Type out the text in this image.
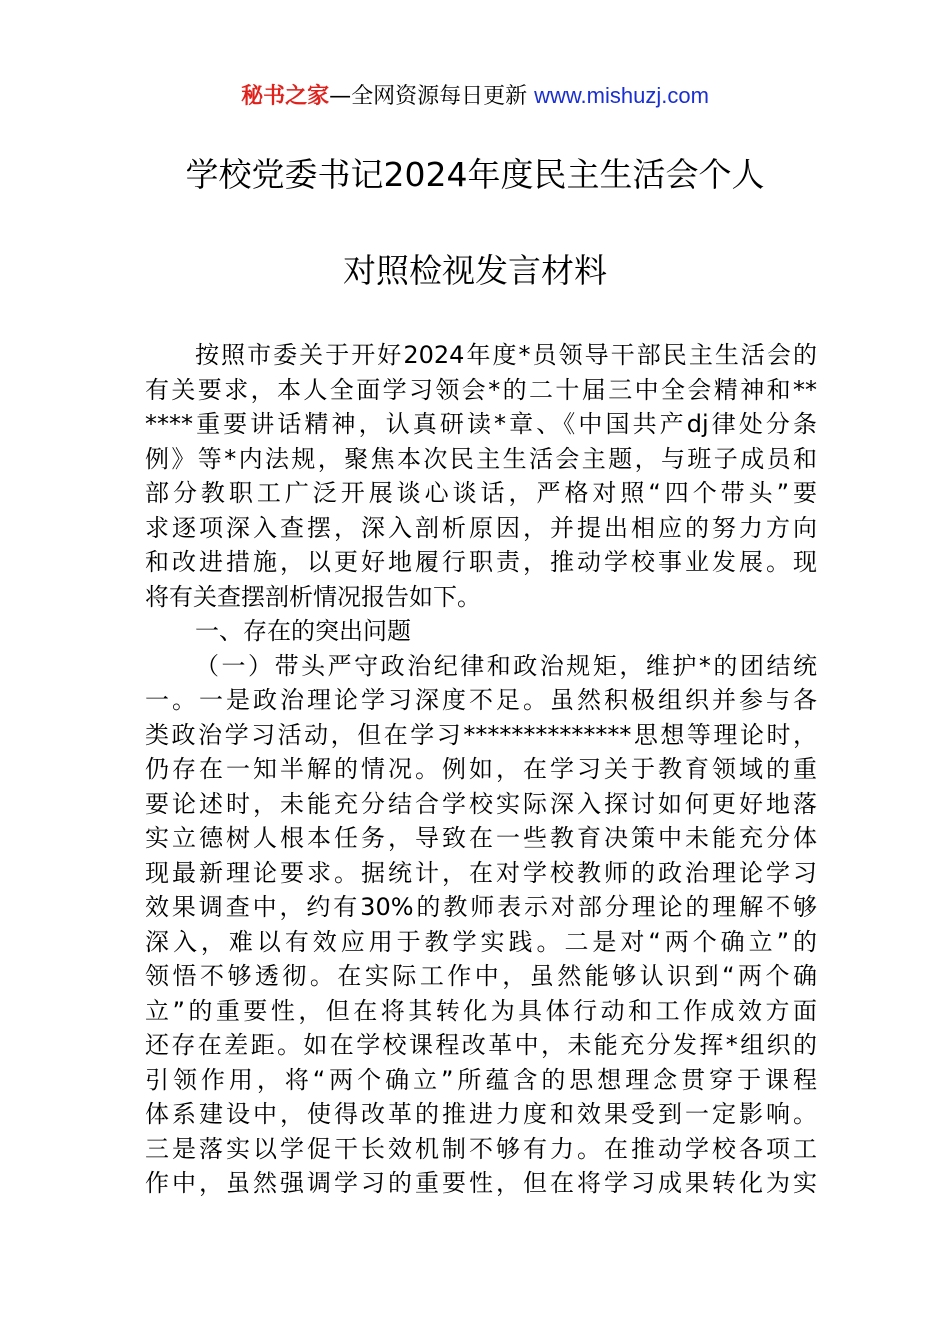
秘书之家—全网资源每日更新 www.mishuzj.com
学校党委书记2024年度民主生活会个人
对照检视发言材料
按照市委关于开好2024年度*员领导干部民主生活会的
有关要求，本人全面学习领会*的二十届三中全会精神和**
****重要讲话精神，认真研读*章、《中国共产dj律处分条
例》等*内法规，聚焦本次民主生活会主题，与班子成员和
部分教职工广泛开展谈心谈话，严格对照“四个带头”要
求逐项深入查摆，深入剖析原因，并提出相应的努力方向
和改进措施，以更好地履行职责，推动学校事业发展。现
将有关查摆剖析情况报告如下。
一、存在的突出问题
（一）带头严守政治纪律和政治规矩，维护*的团结统
一。一是政治理论学习深度不足。虽然积极组织并参与各
类政治学习活动，但在学习**************思想等理论时，
仍存在一知半解的情况。例如，在学习关于教育领域的重
要论述时，未能充分结合学校实际深入探讨如何更好地落
实立德树人根本任务，导致在一些教育决策中未能充分体
现最新理论要求。据统计，在对学校教师的政治理论学习
效果调查中，约有30%的教师表示对部分理论的理解不够
深入，难以有效应用于教学实践。二是对“两个确立”的
领悟不够透彻。在实际工作中，虽然能够认识到“两个确
立”的重要性，但在将其转化为具体行动和工作成效方面
还存在差距。如在学校课程改革中，未能充分发挥*组织的
引领作用，将“两个确立”所蕴含的思想理念贯穿于课程
体系建设中，使得改革的推进力度和效果受到一定影响。
三是落实以学促干长效机制不够有力。在推动学校各项工
作中，虽然强调学习的重要性，但在将学习成果转化为实
